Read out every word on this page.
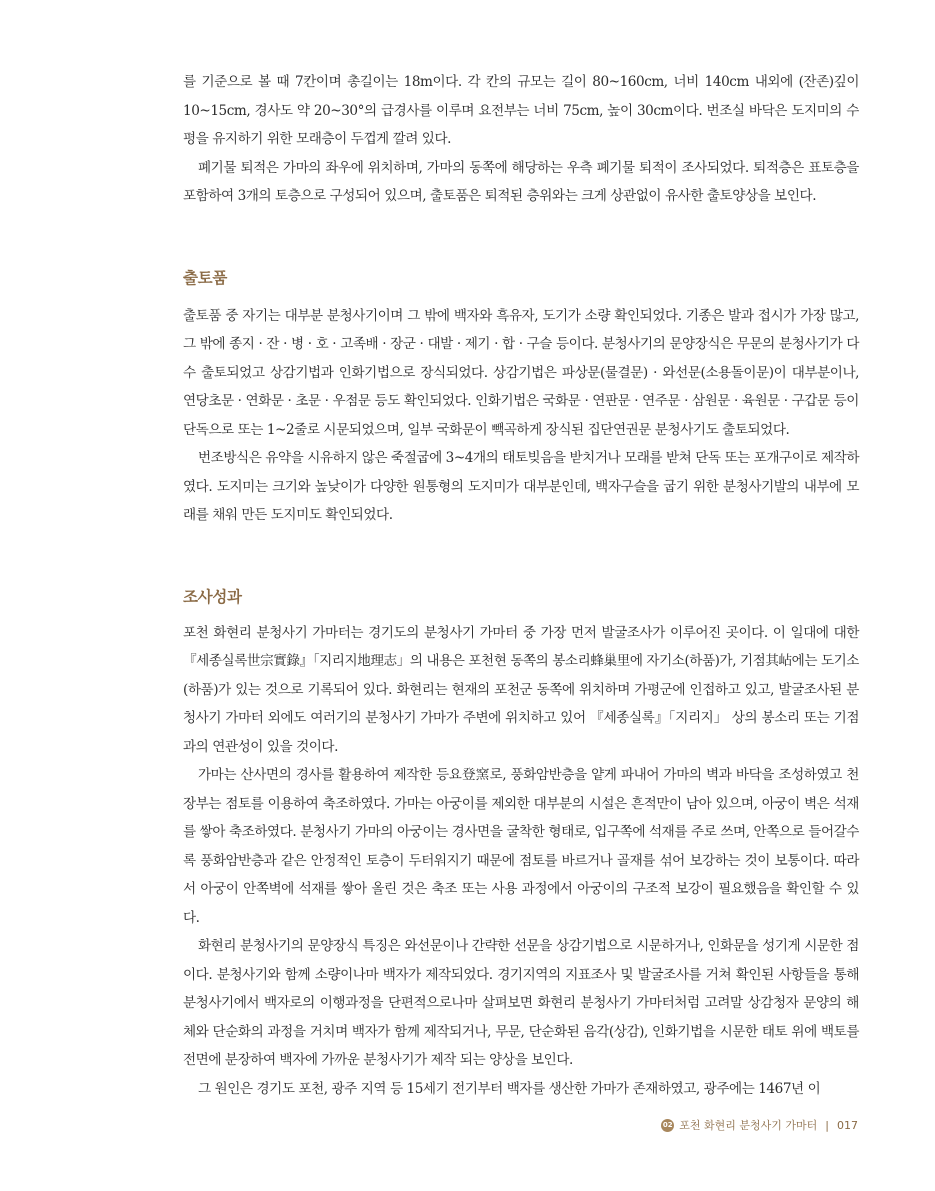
를 기준으로 볼 때 7칸이며 총길이는 18m이다. 각 칸의 규모는 길이 80~160cm, 너비 140cm 내외에 (잔존)깊이 10~15cm, 경사도 약 20~30°의 급경사를 이루며 요전부는 너비 75cm, 높이 30cm이다. 번조실 바닥은 도지미의 수평을 유지하기 위한 모래층이 두껍게 깔려 있다.

폐기물 퇴적은 가마의 좌우에 위치하며, 가마의 동쪽에 해당하는 우측 폐기물 퇴적이 조사되었다. 퇴적층은 표토층을 포함하여 3개의 토층으로 구성되어 있으며, 출토품은 퇴적된 층위와는 크게 상관없이 유사한 출토양상을 보인다.

출토품

출토품 중 자기는 대부분 분청사기이며 그 밖에 백자와 흑유자, 도기가 소량 확인되었다. 기종은 발과 접시가 가장 많고, 그 밖에 종지 · 잔 · 병 · 호 · 고족배 · 장군 · 대발 · 제기 · 합 · 구슬 등이다. 분청사기의 문양장식은 무문의 분청사기가 다수 출토되었고 상감기법과 인화기법으로 장식되었다. 상감기법은 파상문(물결문) · 와선문(소용돌이문)이 대부분이나, 연당초문 · 연화문 · 초문 · 우점문 등도 확인되었다. 인화기법은 국화문 · 연판문 · 연주문 · 삼원문 · 육원문 · 구갑문 등이 단독으로 또는 1~2줄로 시문되었으며, 일부 국화문이 빽곡하게 장식된 집단연권문 분청사기도 출토되었다.

번조방식은 유약을 시유하지 않은 죽절굽에 3~4개의 태토빚음을 받치거나 모래를 받쳐 단독 또는 포개구이로 제작하였다. 도지미는 크기와 높낮이가 다양한 원통형의 도지미가 대부분인데, 백자구슬을 굽기 위한 분청사기발의 내부에 모래를 채워 만든 도지미도 확인되었다.

조사성과

포천 화현리 분청사기 가마터는 경기도의 분청사기 가마터 중 가장 먼저 발굴조사가 이루어진 곳이다. 이 일대에 대한 『세종실록世宗實錄』「지리지地理志」의 내용은 포천현 동쪽의 봉소리蜂巢里에 자기소(하품)가, 기점其岾에는 도기소(하품)가 있는 것으로 기록되어 있다. 화현리는 현재의 포천군 동쪽에 위치하며 가평군에 인접하고 있고, 발굴조사된 분청사기 가마터 외에도 여러기의 분청사기 가마가 주변에 위치하고 있어 『세종실록』「지리지」 상의 봉소리 또는 기점과의 연관성이 있을 것이다.

가마는 산사면의 경사를 활용하여 제작한 등요登窯로, 풍화암반층을 얕게 파내어 가마의 벽과 바닥을 조성하였고 천장부는 점토를 이용하여 축조하였다. 가마는 아궁이를 제외한 대부분의 시설은 흔적만이 남아 있으며, 아궁이 벽은 석재를 쌓아 축조하였다. 분청사기 가마의 아궁이는 경사면을 굴착한 형태로, 입구쪽에 석재를 주로 쓰며, 안쪽으로 들어갈수록 풍화암반층과 같은 안정적인 토층이 두터워지기 때문에 점토를 바르거나 골재를 섞어 보강하는 것이 보통이다. 따라서 아궁이 안쪽벽에 석재를 쌓아 올린 것은 축조 또는 사용 과정에서 아궁이의 구조적 보강이 필요했음을 확인할 수 있다.

화현리 분청사기의 문양장식 특징은 와선문이나 간략한 선문을 상감기법으로 시문하거나, 인화문을 성기게 시문한 점이다. 분청사기와 함께 소량이나마 백자가 제작되었다. 경기지역의 지표조사 및 발굴조사를 거쳐 확인된 사항들을 통해 분청사기에서 백자로의 이행과정을 단편적으로나마 살펴보면 화현리 분청사기 가마터처럼 고려말 상감청자 문양의 해체와 단순화의 과정을 거치며 백자가 함께 제작되거나, 무문, 단순화된 음각(상감), 인화기법을 시문한 태토 위에 백토를 전면에 분장하여 백자에 가까운 분청사기가 제작 되는 양상을 보인다.

그 원인은 경기도 포천, 광주 지역 등 15세기 전기부터 백자를 생산한 가마가 존재하였고, 광주에는 1467년 이

02 포천 화현리 분청사기 가마터 | 017
